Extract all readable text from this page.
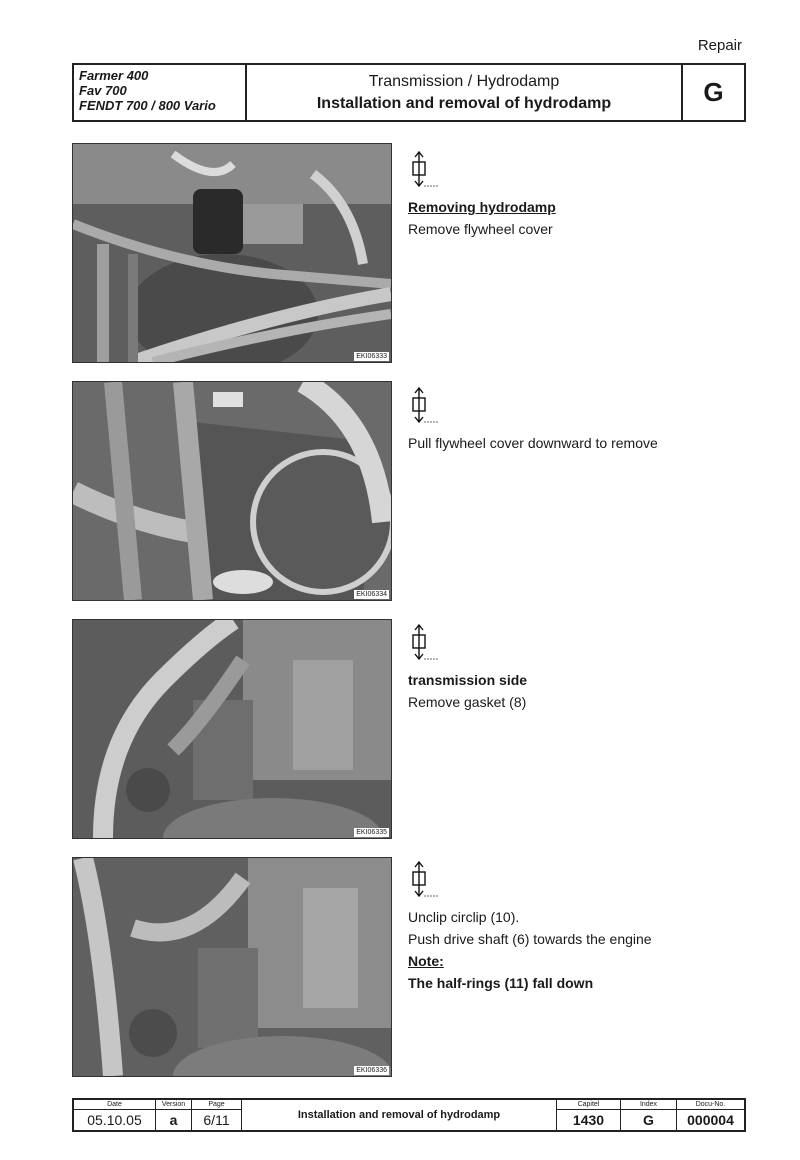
Repair
Farmer 400
Fav 700
FENDT 700 / 800 Vario
Transmission / Hydrodamp
Installation and removal of hydrodamp	G
EKI06333
Removing hydrodamp
Remove flywheel cover
EKI06334
Pull flywheel cover downward to remove
EKI06335
transmission side
Remove gasket (8)
EKI06336
Unclip circlip (10).
Push drive shaft (6) towards the engine
Note:
The half-rings (11) fall down
Date	Version	Page	Installation and removal of hydrodamp	Capitel	Index	Docu-No.
05.10.05	a	6/11		1430	G	000004
